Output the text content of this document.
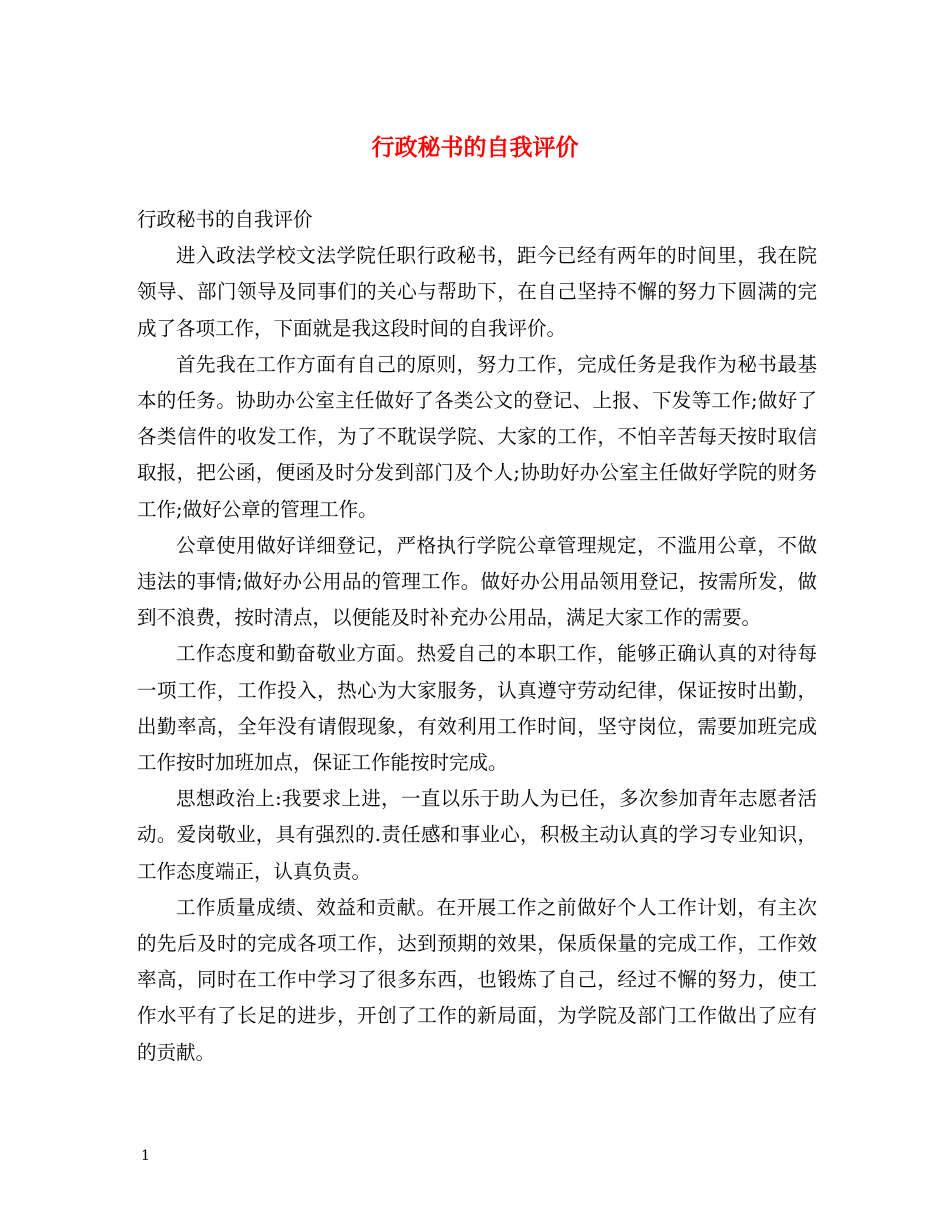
行政秘书的自我评价

行政秘书的自我评价

进入政法学校文法学院任职行政秘书，距今已经有两年的时间里，我在院领导、部门领导及同事们的关心与帮助下，在自己坚持不懈的努力下圆满的完成了各项工作，下面就是我这段时间的自我评价。

首先我在工作方面有自己的原则，努力工作，完成任务是我作为秘书最基本的任务。协助办公室主任做好了各类公文的登记、上报、下发等工作;做好了各类信件的收发工作，为了不耽误学院、大家的工作，不怕辛苦每天按时取信取报，把公函，便函及时分发到部门及个人;协助好办公室主任做好学院的财务工作;做好公章的管理工作。

公章使用做好详细登记，严格执行学院公章管理规定，不滥用公章，不做违法的事情;做好办公用品的管理工作。做好办公用品领用登记，按需所发，做到不浪费，按时清点，以便能及时补充办公用品，满足大家工作的需要。

工作态度和勤奋敬业方面。热爱自己的本职工作，能够正确认真的对待每一项工作，工作投入，热心为大家服务，认真遵守劳动纪律，保证按时出勤，出勤率高，全年没有请假现象，有效利用工作时间，坚守岗位，需要加班完成工作按时加班加点，保证工作能按时完成。

思想政治上:我要求上进，一直以乐于助人为已任，多次参加青年志愿者活动。爱岗敬业，具有强烈的.责任感和事业心，积极主动认真的学习专业知识，工作态度端正，认真负责。

工作质量成绩、效益和贡献。在开展工作之前做好个人工作计划，有主次的先后及时的完成各项工作，达到预期的效果，保质保量的完成工作，工作效率高，同时在工作中学习了很多东西，也锻炼了自己，经过不懈的努力，使工作水平有了长足的进步，开创了工作的新局面，为学院及部门工作做出了应有的贡献。

1
